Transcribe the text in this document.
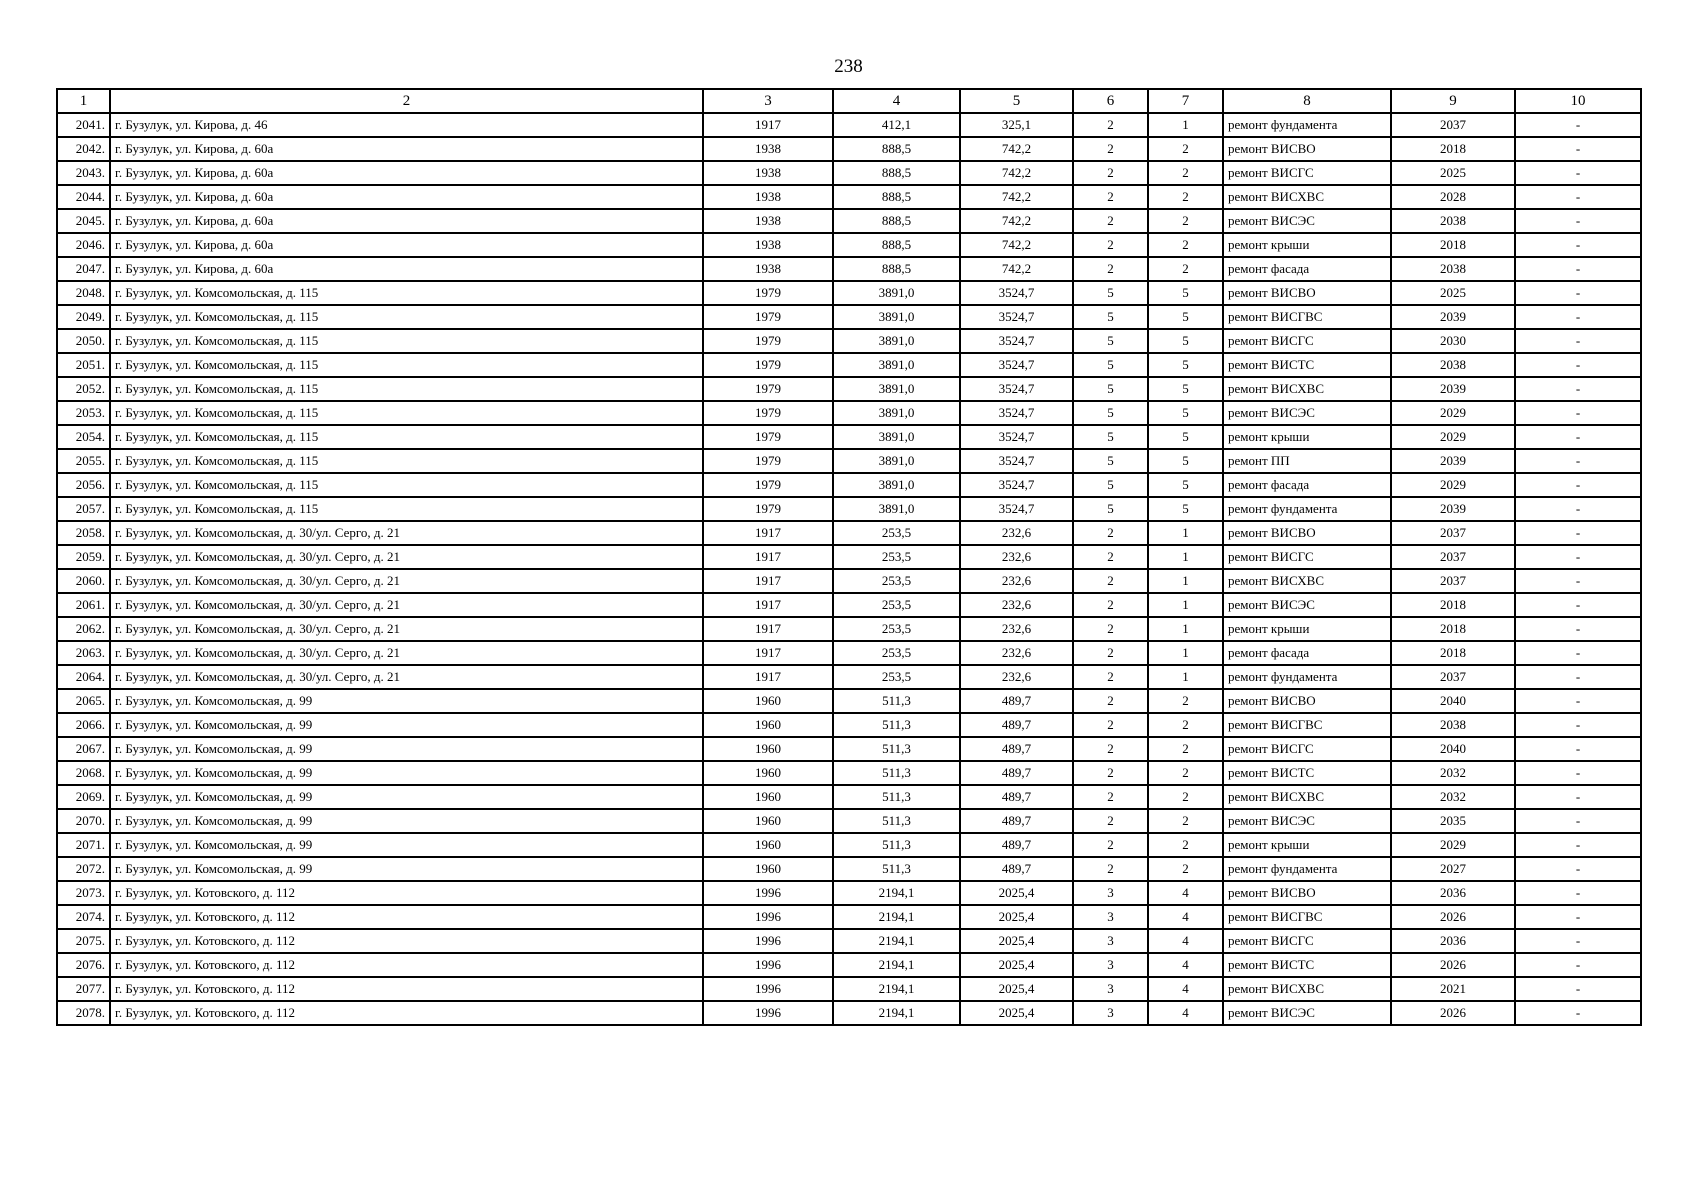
238
1	2	3	4	5	6	7	8	9	10
2041.	г. Бузулук, ул. Кирова, д. 46	1917	412,1	325,1	2	1	ремонт фундамента	2037	-
2042.	г. Бузулук, ул. Кирова, д. 60а	1938	888,5	742,2	2	2	ремонт ВИСВО	2018	-
2043.	г. Бузулук, ул. Кирова, д. 60а	1938	888,5	742,2	2	2	ремонт ВИСГС	2025	-
2044.	г. Бузулук, ул. Кирова, д. 60а	1938	888,5	742,2	2	2	ремонт ВИСХВС	2028	-
2045.	г. Бузулук, ул. Кирова, д. 60а	1938	888,5	742,2	2	2	ремонт ВИСЭС	2038	-
2046.	г. Бузулук, ул. Кирова, д. 60а	1938	888,5	742,2	2	2	ремонт крыши	2018	-
2047.	г. Бузулук, ул. Кирова, д. 60а	1938	888,5	742,2	2	2	ремонт фасада	2038	-
2048.	г. Бузулук, ул. Комсомольская, д. 115	1979	3891,0	3524,7	5	5	ремонт ВИСВО	2025	-
2049.	г. Бузулук, ул. Комсомольская, д. 115	1979	3891,0	3524,7	5	5	ремонт ВИСГВС	2039	-
2050.	г. Бузулук, ул. Комсомольская, д. 115	1979	3891,0	3524,7	5	5	ремонт ВИСГС	2030	-
2051.	г. Бузулук, ул. Комсомольская, д. 115	1979	3891,0	3524,7	5	5	ремонт ВИСТС	2038	-
2052.	г. Бузулук, ул. Комсомольская, д. 115	1979	3891,0	3524,7	5	5	ремонт ВИСХВС	2039	-
2053.	г. Бузулук, ул. Комсомольская, д. 115	1979	3891,0	3524,7	5	5	ремонт ВИСЭС	2029	-
2054.	г. Бузулук, ул. Комсомольская, д. 115	1979	3891,0	3524,7	5	5	ремонт крыши	2029	-
2055.	г. Бузулук, ул. Комсомольская, д. 115	1979	3891,0	3524,7	5	5	ремонт ПП	2039	-
2056.	г. Бузулук, ул. Комсомольская, д. 115	1979	3891,0	3524,7	5	5	ремонт фасада	2029	-
2057.	г. Бузулук, ул. Комсомольская, д. 115	1979	3891,0	3524,7	5	5	ремонт фундамента	2039	-
2058.	г. Бузулук, ул. Комсомольская, д. 30/ул. Серго, д. 21	1917	253,5	232,6	2	1	ремонт ВИСВО	2037	-
2059.	г. Бузулук, ул. Комсомольская, д. 30/ул. Серго, д. 21	1917	253,5	232,6	2	1	ремонт ВИСГС	2037	-
2060.	г. Бузулук, ул. Комсомольская, д. 30/ул. Серго, д. 21	1917	253,5	232,6	2	1	ремонт ВИСХВС	2037	-
2061.	г. Бузулук, ул. Комсомольская, д. 30/ул. Серго, д. 21	1917	253,5	232,6	2	1	ремонт ВИСЭС	2018	-
2062.	г. Бузулук, ул. Комсомольская, д. 30/ул. Серго, д. 21	1917	253,5	232,6	2	1	ремонт крыши	2018	-
2063.	г. Бузулук, ул. Комсомольская, д. 30/ул. Серго, д. 21	1917	253,5	232,6	2	1	ремонт фасада	2018	-
2064.	г. Бузулук, ул. Комсомольская, д. 30/ул. Серго, д. 21	1917	253,5	232,6	2	1	ремонт фундамента	2037	-
2065.	г. Бузулук, ул. Комсомольская, д. 99	1960	511,3	489,7	2	2	ремонт ВИСВО	2040	-
2066.	г. Бузулук, ул. Комсомольская, д. 99	1960	511,3	489,7	2	2	ремонт ВИСГВС	2038	-
2067.	г. Бузулук, ул. Комсомольская, д. 99	1960	511,3	489,7	2	2	ремонт ВИСГС	2040	-
2068.	г. Бузулук, ул. Комсомольская, д. 99	1960	511,3	489,7	2	2	ремонт ВИСТС	2032	-
2069.	г. Бузулук, ул. Комсомольская, д. 99	1960	511,3	489,7	2	2	ремонт ВИСХВС	2032	-
2070.	г. Бузулук, ул. Комсомольская, д. 99	1960	511,3	489,7	2	2	ремонт ВИСЭС	2035	-
2071.	г. Бузулук, ул. Комсомольская, д. 99	1960	511,3	489,7	2	2	ремонт крыши	2029	-
2072.	г. Бузулук, ул. Комсомольская, д. 99	1960	511,3	489,7	2	2	ремонт фундамента	2027	-
2073.	г. Бузулук, ул. Котовского, д. 112	1996	2194,1	2025,4	3	4	ремонт ВИСВО	2036	-
2074.	г. Бузулук, ул. Котовского, д. 112	1996	2194,1	2025,4	3	4	ремонт ВИСГВС	2026	-
2075.	г. Бузулук, ул. Котовского, д. 112	1996	2194,1	2025,4	3	4	ремонт ВИСГС	2036	-
2076.	г. Бузулук, ул. Котовского, д. 112	1996	2194,1	2025,4	3	4	ремонт ВИСТС	2026	-
2077.	г. Бузулук, ул. Котовского, д. 112	1996	2194,1	2025,4	3	4	ремонт ВИСХВС	2021	-
2078.	г. Бузулук, ул. Котовского, д. 112	1996	2194,1	2025,4	3	4	ремонт ВИСЭС	2026	-
